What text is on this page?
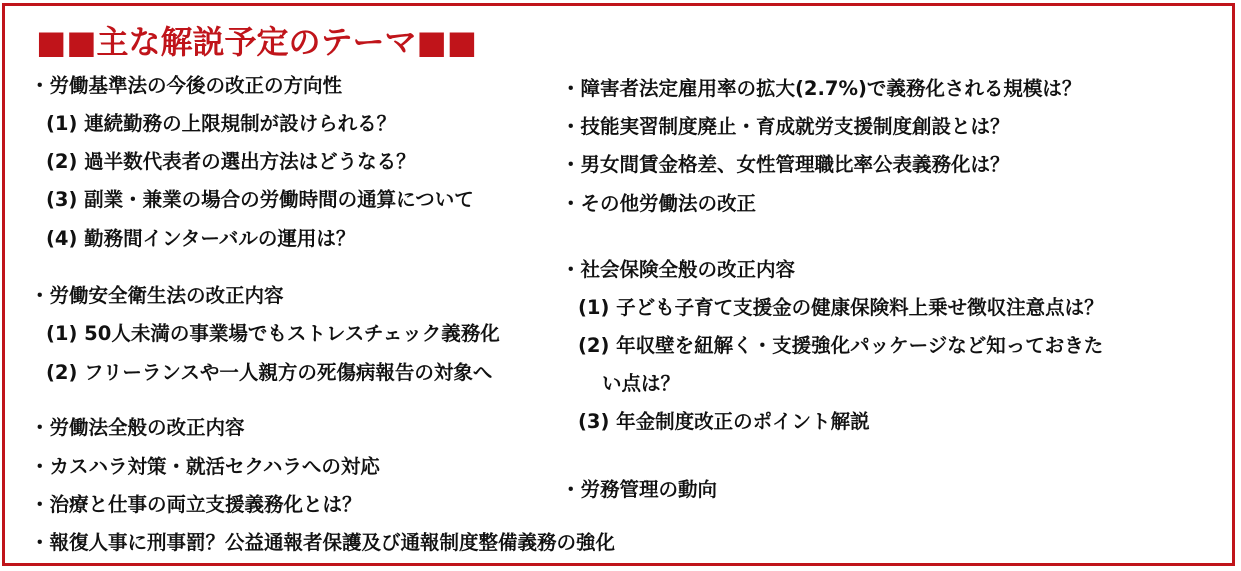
■■主な解説予定のテーマ■■
・労働基準法の今後の改正の方向性
(1) 連続勤務の上限規制が設けられる？
(2) 過半数代表者の選出方法はどうなる？
(3) 副業・兼業の場合の労働時間の通算について
(4) 勤務間インターバルの運用は？
・労働安全衛生法の改正内容
(1) 50人未満の事業場でもストレスチェック義務化
(2) フリーランスや一人親方の死傷病報告の対象へ
・労働法全般の改正内容
・カスハラ対策・就活セクハラへの対応
・治療と仕事の両立支援義務化とは？
・報復人事に刑事罰？公益通報者保護及び通報制度整備義務の強化
・障害者法定雇用率の拡大(2.7%)で義務化される規模は？
・技能実習制度廃止・育成就労支援制度創設とは？
・男女間賃金格差、女性管理職比率公表義務化は？
・その他労働法の改正
・社会保険全般の改正内容
(1) 子ども子育て支援金の健康保険料上乗せ徴収注意点は？
(2) 年収壁を紐解く・支援強化パッケージなど知っておきた
い点は？
(3) 年金制度改正のポイント解説
・労務管理の動向
